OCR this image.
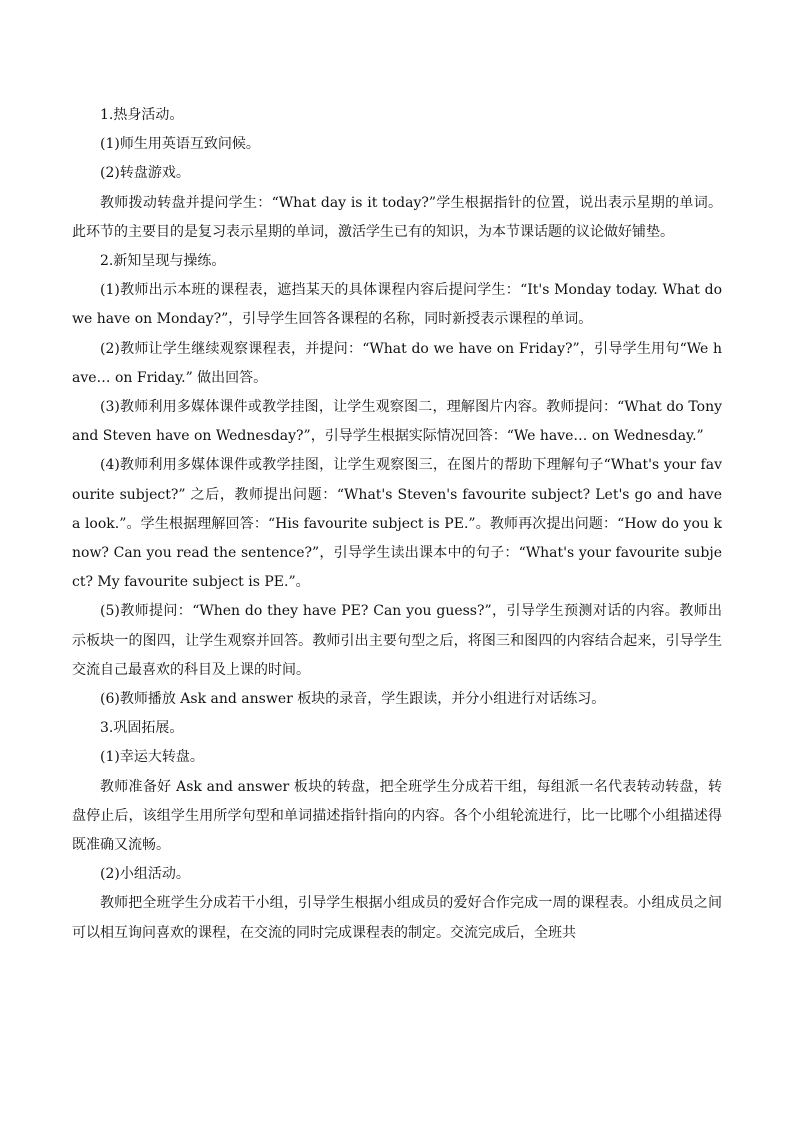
1.热身活动。

(1)师生用英语互致问候。

(2)转盘游戏。

教师拨动转盘并提问学生：“What day is it today?”学生根据指针的位置，说出表示星期的单词。此环节的主要目的是复习表示星期的单词，激活学生已有的知识，为本节课话题的议论做好铺垫。

2.新知呈现与操练。

(1)教师出示本班的课程表，遮挡某天的具体课程内容后提问学生：“It's Monday today. What do we have on Monday?”，引导学生回答各课程的名称，同时新授表示课程的单词。

(2)教师让学生继续观察课程表，并提问：“What do we have on Friday?”，引导学生用句“We have… on Friday.” 做出回答。

(3)教师利用多媒体课件或教学挂图，让学生观察图二，理解图片内容。教师提问：“What do Tony and Steven have on Wednesday?”，引导学生根据实际情况回答：“We have… on Wednesday.”

(4)教师利用多媒体课件或教学挂图，让学生观察图三，在图片的帮助下理解句子“What's your favourite subject?” 之后，教师提出问题：“What's Steven's favourite subject? Let's go and have a look.”。学生根据理解回答：“His favourite subject is PE.”。教师再次提出问题：“How do you know? Can you read the sentence?”，引导学生读出课本中的句子：“What's your favourite subject? My favourite subject is PE.”。

(5)教师提问：“When do they have PE? Can you guess?”，引导学生预测对话的内容。教师出示板块一的图四，让学生观察并回答。教师引出主要句型之后，将图三和图四的内容结合起来，引导学生交流自己最喜欢的科目及上课的时间。

(6)教师播放 Ask and answer 板块的录音，学生跟读，并分小组进行对话练习。

3.巩固拓展。

(1)幸运大转盘。

教师准备好 Ask and answer 板块的转盘，把全班学生分成若干组，每组派一名代表转动转盘，转盘停止后，该组学生用所学句型和单词描述指针指向的内容。各个小组轮流进行，比一比哪个小组描述得既准确又流畅。

(2)小组活动。

教师把全班学生分成若干小组，引导学生根据小组成员的爱好合作完成一周的课程表。小组成员之间可以相互询问喜欢的课程，在交流的同时完成课程表的制定。交流完成后，全班共
